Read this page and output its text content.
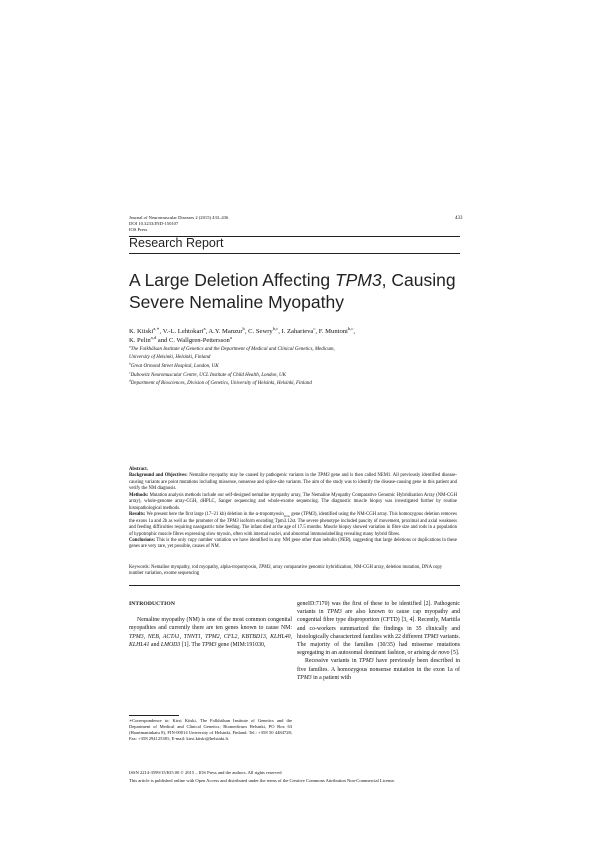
Journal of Neuromuscular Diseases 2 (2015) 433–436
DOI 10.3233/JND-150107
IOS Press
433
Research Report
A Large Deletion Affecting TPM3, Causing
Severe Nemaline Myopathy
K. Kiiski$^{a,∗}$, V.-L. Lehtokari$^a$, A.Y. Manzur$^b$, C. Sewry$^{b,c}$, I. Zaharieva$^c$, F. Muntoni$^{b,c}$,
K. Pelin$^{a,d}$ and C. Wallgren-Pettersson$^a$
$^a$The Folkhälsan Institute of Genetics and the Department of Medical and Clinical Genetics, Medicum,
University of Helsinki, Helsinki, Finland
$^b$Great Ormond Street Hospital, London, UK
$^c$Dubowitz Neuromuscular Centre, UCL Institute of Child Health, London, UK
$^d$Department of Biosciences, Division of Genetics, University of Helsinki, Helsinki, Finland
Abstract.
Background and Objectives: Nemaline myopathy may be caused by pathogenic variants in the TPM3 gene and is then called NEM1. All previously identified disease-causing variants are point mutations including missense, nonsense and splice-site variants. The aim of the study was to identify the disease-causing gene in this patient and verify the NM diagnosis.
Methods: Mutation analysis methods include our self-designed nemaline myopathy array, The Nemaline Myopathy Comparative Genomic Hybridisation Array (NM-CGH array), whole-genome array-CGH, dHPLC, Sanger sequencing and whole-exome sequencing. The diagnostic muscle biopsy was investigated further by routine histopathological methods.
Results: We present here the first large (17–21 kb) deletion in the α-tropomyosin$_{slow}$ gene (TPM3), identified using the NM-CGH array. This homozygous deletion removes the exons 1a and 2b as well as the promoter of the TPM3 isoform encoding Tpm3.12st. The severe phenotype included paucity of movement, proximal and axial weakness and feeding difficulties requiring nasogastric tube feeding. The infant died at the age of 17.5 months. Muscle biopsy showed variation in fibre size and rods in a population of hypotrophic muscle fibres expressing slow myosin, often with internal nuclei, and abnormal immunolabelling revealing many hybrid fibres.
Conclusions: This is the only copy number variation we have identified in any NM gene other than nebulin (NEB), suggesting that large deletions or duplications in these genes are very rare, yet possible, causes of NM.
Keywords: Nemaline myopathy, rod myopathy, alpha-tropomyosin, TPM3, array comparative genomic hybridization, NM-CGH array, deletion mutation, DNA copy number variation, exome sequencing
INTRODUCTION

Nemaline myopathy (NM) is one of the most common congenital myopathies and currently there are ten genes known to cause NM: TPM3, NEB, ACTA1, TNNT1, TPM2, CFL2, KBTBD13, KLHL40, KLHL41 and LMOD3 [1]. The TPM3 gene (MIM:191030,

∗Correspondence to: Kirsi Kiiski, The Folkhälsan Institute of Genetics and the Department of Medical and Clinical Genetics, Biomedicum Helsinki, PO Box 63 (Haartmaninkatu 8), FIN-00014 University of Helsinki, Finland. Tel.: +358 50 4484728; Fax: +358 294125381; E-mail: kirsi.kiiski@helsinki.fi.

geneID:7170) was the first of these to be identified [2]. Pathogenic variants in TPM3 are also known to cause cap myopathy and congenital fibre type disproportion (CFTD) [3, 4]. Recently, Marttila and co-workers summarized the findings in 35 clinically and histologically characterized families with 22 different TPM3 variants. The majority of the families (30/35) had missense mutations segregating in an autosomal dominant fashion, or arising de novo [5].

Recessive variants in TPM3 have previously been described in five families. A homozygous nonsense mutation in the exon 1a of TPM3 in a patient with

ISSN 2214-3599/15/$35.00 © 2015 – IOS Press and the authors. All rights reserved
This article is published online with Open Access and distributed under the terms of the Creative Commons Attribution Non-Commercial License.
